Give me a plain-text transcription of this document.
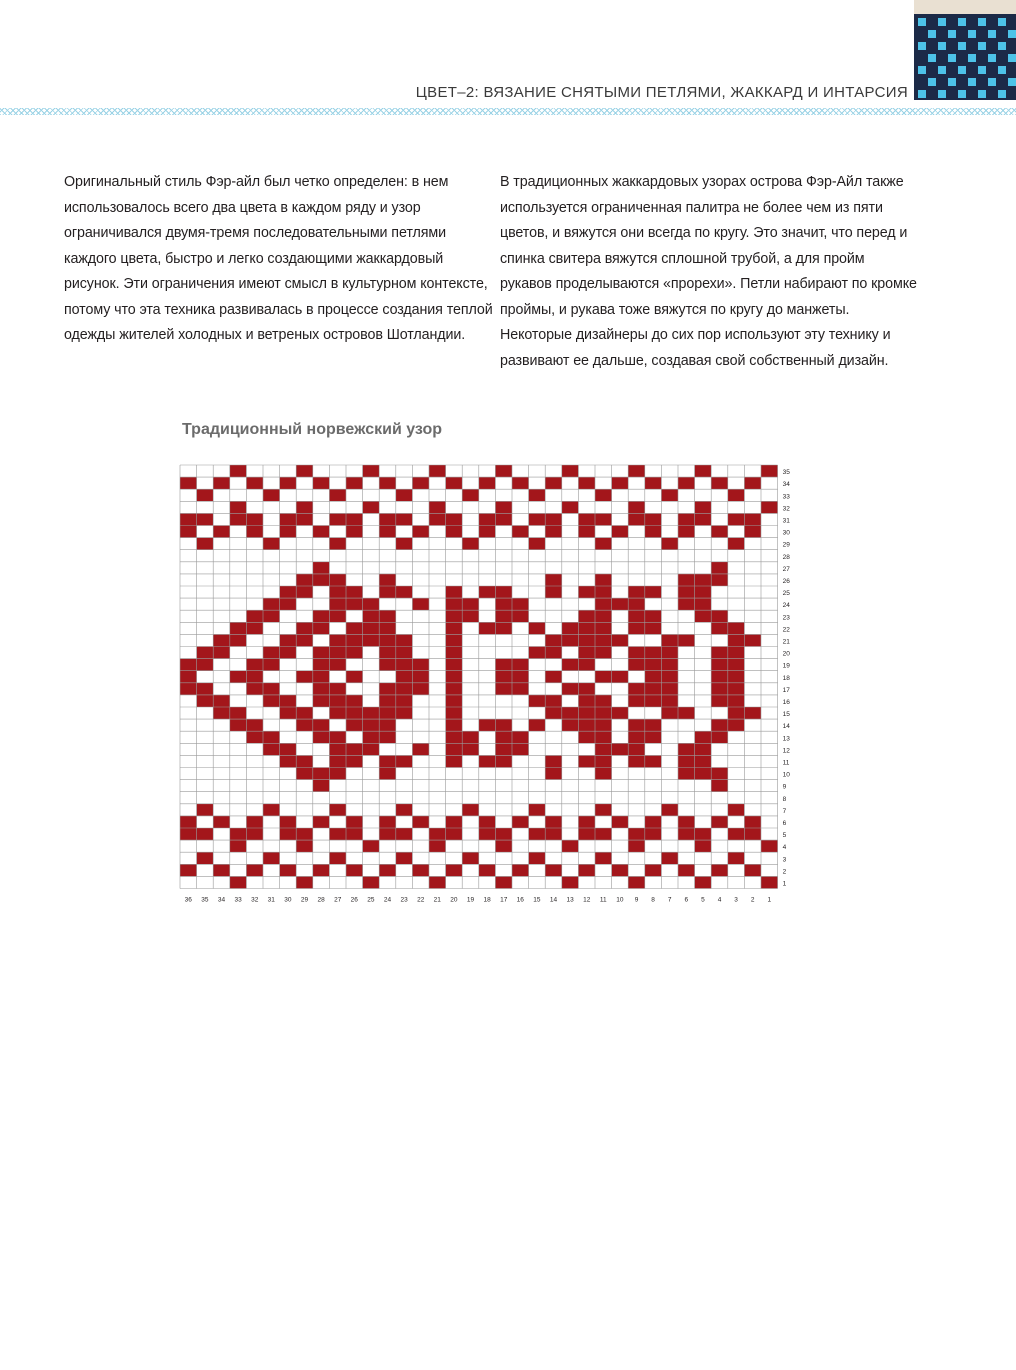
ЦВЕТ–2: ВЯЗАНИЕ СНЯТЫМИ ПЕТЛЯМИ, ЖАККАРД И ИНТАРСИЯ
Оригинальный стиль Фэр-айл был четко определен: в нем использовалось всего два цвета в каждом ряду и узор ограничивался двумя-тремя последовательными петлями каждого цвета, быстро и легко создающими жаккардовый рисунок. Эти ограничения имеют смысл в культурном контексте, потому что эта техника развивалась в процессе создания теплой одежды жителей холодных и ветреных островов Шотландии.
В традиционных жаккардовых узорах острова Фэр-Айл также используется ограниченная палитра не более чем из пяти цветов, и вяжутся они всегда по кругу. Это значит, что перед и спинка свитера вяжутся сплошной трубой, а для пройм рукавов проделываются «прорехи». Петли набирают по кромке проймы, и рукава тоже вяжутся по кругу до манжеты. Некоторые дизайнеры до сих пор используют эту технику и развивают ее дальше, создавая свой собственный дизайн.
Традиционный норвежский узор
35
34
33
32
31
30
29
28
27
26
25
24
23
22
21
20
19
18
17
16
15
14
13
12
11
10
9
8
7
6
5
4
3
2
1
36 35 34 33 32 31 30 29 28 27 26 25 24 23 22 21 20 19 18 17 16 15 14 13 12 11 10 9 8 7 6 5 4 3 2 1
